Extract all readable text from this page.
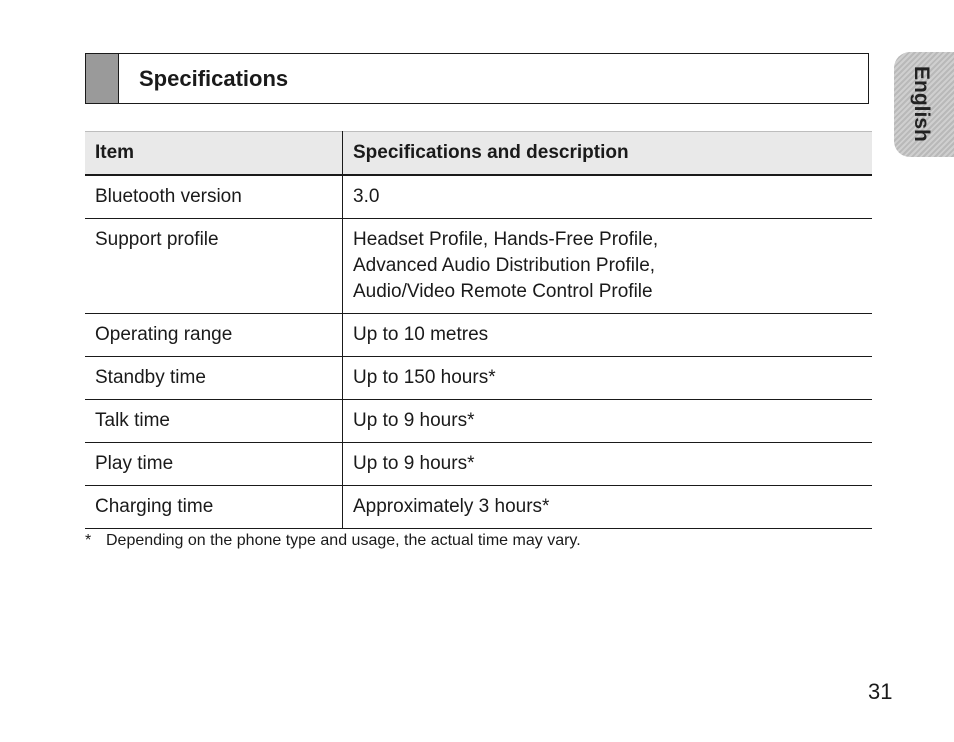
Specifications	English
Item	Specifications and description
Bluetooth version	3.0

Support profile	Headset Profile, Hands-Free Profile,
Advanced Audio Distribution Profile,
Audio/Video Remote Control Profile

Operating range	Up to 10 metres

Standby time	Up to 150 hours*

Talk time	Up to 9 hours*

Play time	Up to 9 hours*

Charging time	Approximately 3 hours*
* Depending on the phone type and usage, the actual time may vary.
31
